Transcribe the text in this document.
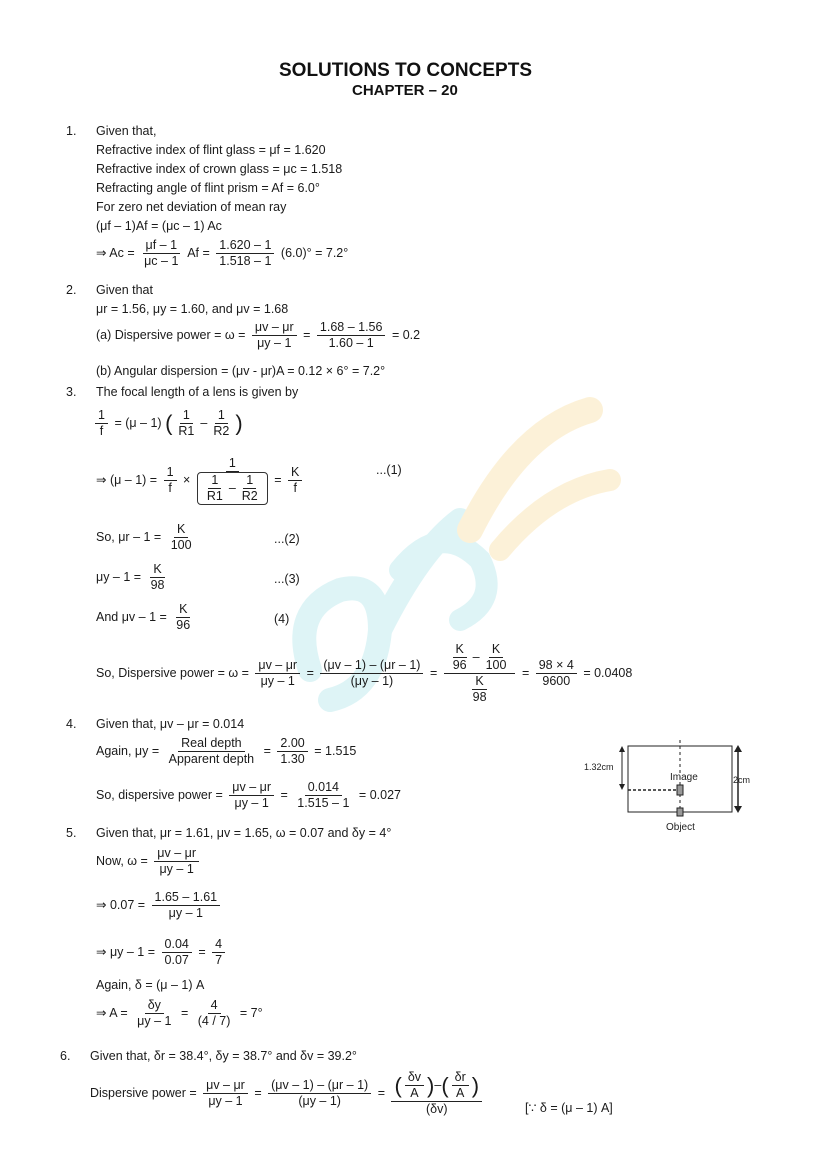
SOLUTIONS TO CONCEPTS
CHAPTER – 20
1. Given that,
Refractive index of flint glass = μf = 1.620
Refractive index of crown glass = μc = 1.518
Refracting angle of flint prism = Af = 6.0°
For zero net deviation of mean ray
(μf – 1)Af = (μc – 1) Ac
⇒ $Ac = \frac{\mu f - 1}{\mu c - 1}$ $Af = \frac{1.620 - 1}{1.518 - 1} (6.0)^\circ = 7.2^\circ$
2. Given that
μr = 1.56, μy = 1.60, and μv = 1.68
(a) Dispersive power = $\omega = \frac{\mu v - \mu r}{\mu y - 1} = \frac{1.68 - 1.56}{1.60 - 1} = 0.2$
(b) Angular dispersion = (μv - μr)A = 0.12 × 6° = 7.2°
3. The focal length of a lens is given by
$\frac{1}{f} = (\mu - 1)$ ( $\frac{1}{R1} - \frac{1}{R2}$ )
⇒ $(\mu - 1) = \frac{1}{f} \times \frac{1}{\frac{1}{R1} - \frac{1}{R2}} = \frac{K}{f}$	...(1)
So, $\mu r - 1 = \frac{K}{100}$	...(2)
$\mu y - 1 = \frac{K}{98}$	...(3)
And $\mu v - 1 = \frac{K}{96}$	(4)
So, Dispersive power = $\omega = \frac{\mu v - \mu r}{\mu y - 1} = \frac{(\mu v - 1) - (\mu r - 1)}{(\mu y - 1)} = \frac{\frac{K}{96} - \frac{K}{100}}{\frac{K}{98}} = \frac{98 \times 4}{9600} = 0.0408$
4. Given that, μv – μr = 0.014
Again, $\mu y = \frac{\text{Real depth}}{\text{Apparent depth}} = \frac{2.00}{1.30} = 1.515$
So, dispersive power = $\frac{\mu v - \mu r}{\mu y - 1} = \frac{0.014}{1.515 - 1} = 0.027$
1.32cm
Image	2cm
Object
5. Given that, μr = 1.61, μv = 1.65, ω = 0.07 and δy = 4°
Now, $\omega = \frac{\mu v - \mu r}{\mu y - 1}$
⇒ $0.07 = \frac{1.65 - 1.61}{\mu y - 1}$
⇒ $\mu y - 1 = \frac{0.04}{0.07} = \frac{4}{7}$
Again, δ = (μ – 1) A
⇒ $A = \frac{\delta y}{\mu y - 1} = \frac{4}{(4 / 7)} = 7^\circ$
6. Given that, δr = 38.4°, δy = 38.7° and δv = 39.2°
Dispersive power = $\frac{\mu v - \mu r}{\mu y - 1} = \frac{(\mu v - 1) - (\mu r - 1)}{(\mu y - 1)} = \frac{( \frac{\delta v}{A} )-( \frac{\delta r}{A} )}{(\delta v)}$	[∵ δ = (μ – 1) A]
